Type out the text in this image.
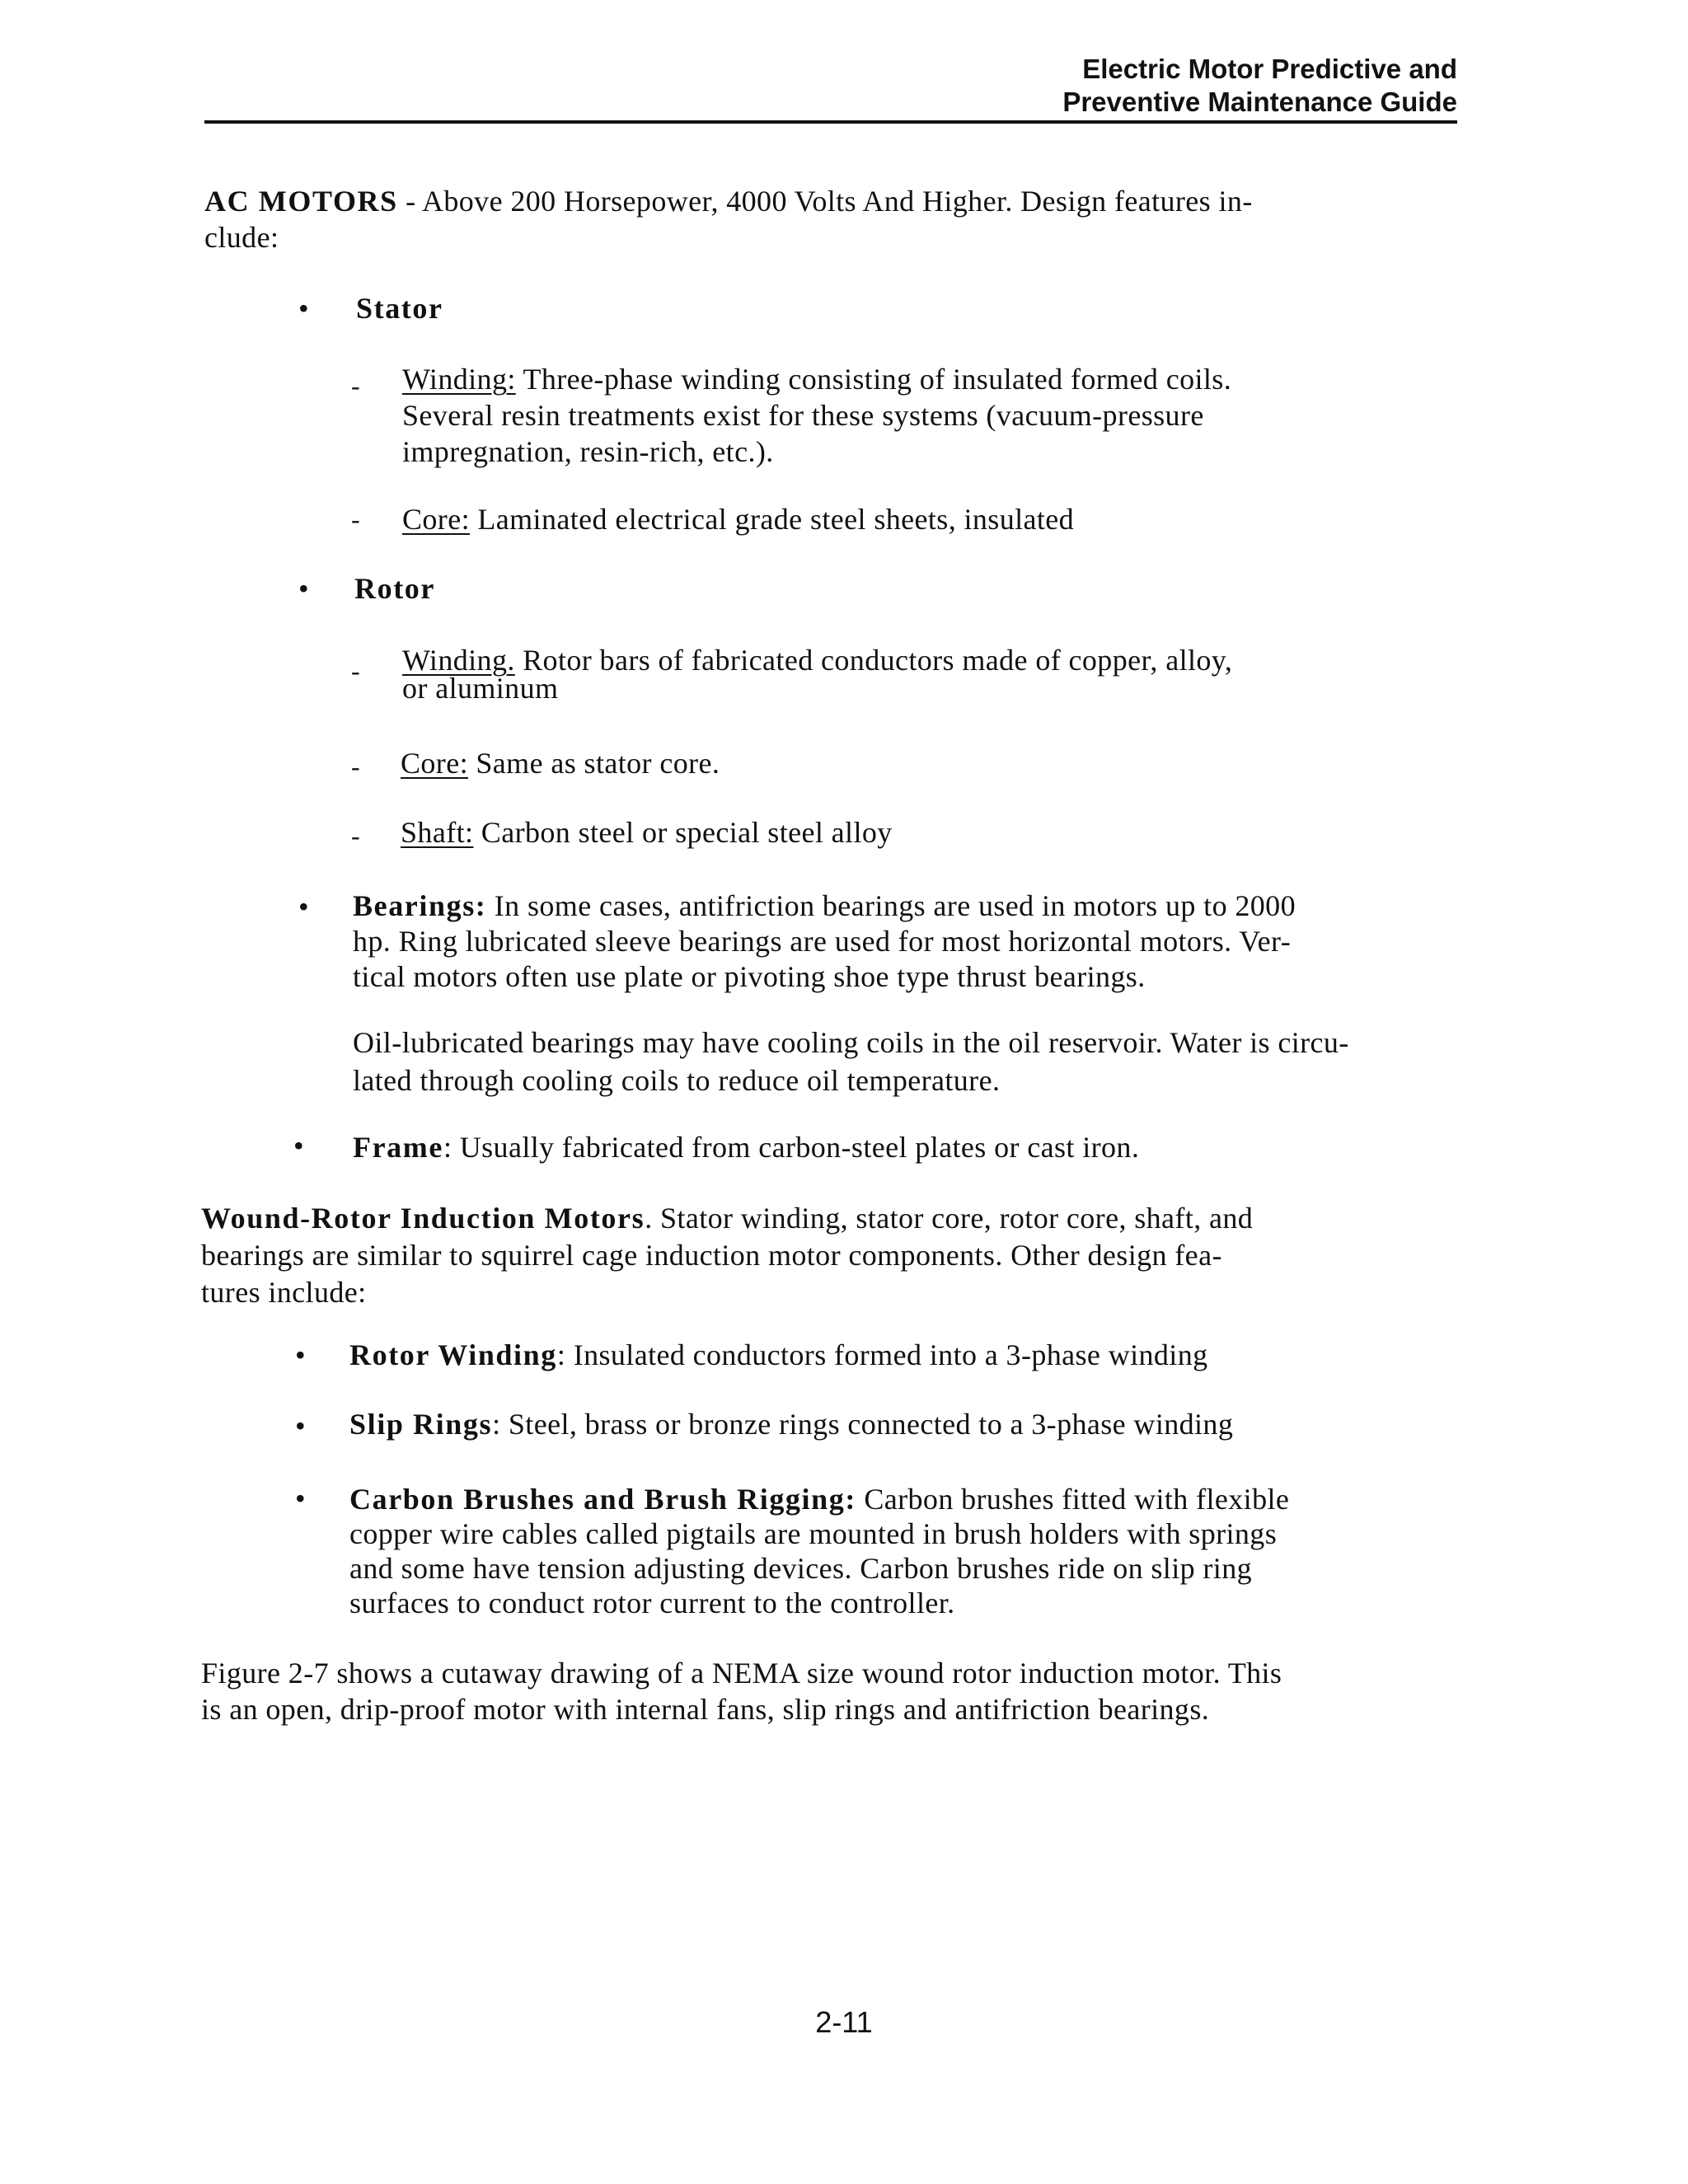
Electric Motor Predictive and
Preventive Maintenance Guide
AC MOTORS - Above 200 Horsepower, 4000 Volts And Higher. Design features in-
clude:
• Stator
- Winding: Three-phase winding consisting of insulated formed coils.
Several resin treatments exist for these systems (vacuum-pressure
impregnation, resin-rich, etc.).
- Core: Laminated electrical grade steel sheets, insulated
• Rotor
- Winding. Rotor bars of fabricated conductors made of copper, alloy,
or aluminum
- Core: Same as stator core.
- Shaft: Carbon steel or special steel alloy
• Bearings: In some cases, antifriction bearings are used in motors up to 2000
hp. Ring lubricated sleeve bearings are used for most horizontal motors. Ver-
tical motors often use plate or pivoting shoe type thrust bearings.
Oil-lubricated bearings may have cooling coils in the oil reservoir. Water is circu-
lated through cooling coils to reduce oil temperature.
• Frame: Usually fabricated from carbon-steel plates or cast iron.
Wound-Rotor Induction Motors. Stator winding, stator core, rotor core, shaft, and
bearings are similar to squirrel cage induction motor components. Other design fea-
tures include:
• Rotor Winding: Insulated conductors formed into a 3-phase winding
• Slip Rings: Steel, brass or bronze rings connected to a 3-phase winding
• Carbon Brushes and Brush Rigging: Carbon brushes fitted with flexible
copper wire cables called pigtails are mounted in brush holders with springs
and some have tension adjusting devices. Carbon brushes ride on slip ring
surfaces to conduct rotor current to the controller.
Figure 2-7 shows a cutaway drawing of a NEMA size wound rotor induction motor. This
is an open, drip-proof motor with internal fans, slip rings and antifriction bearings.
2-11
